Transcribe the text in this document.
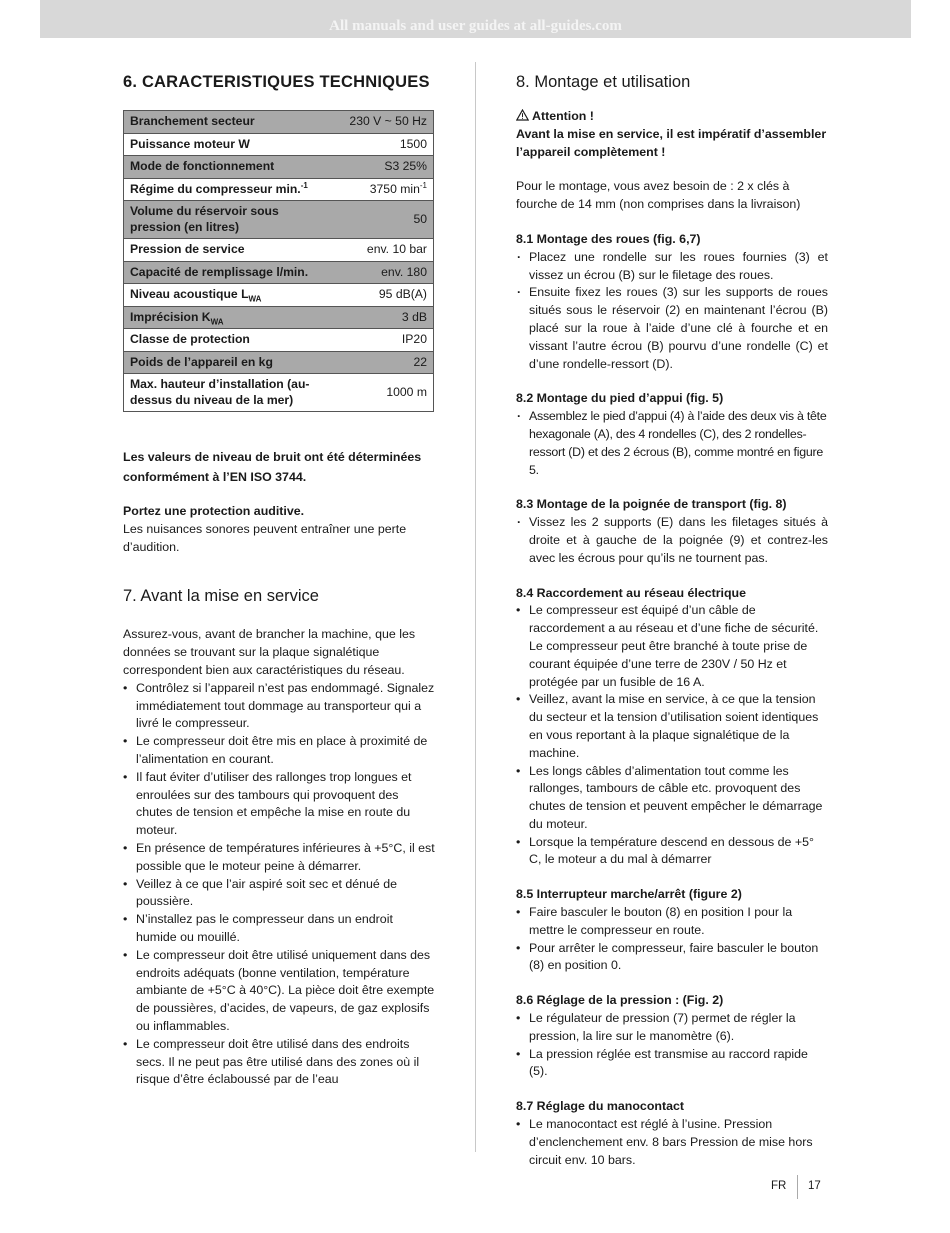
All manuals and user guides at all-guides.com
6. CARACTERISTIQUES TECHNIQUES
Branchement secteur	230 V ~ 50 Hz
Puissance moteur W	1500
Mode de fonctionnement	S3 25%
Régime du compresseur min.$^{-1}$	3750 $\min^{-1}$
Volume du réservoir sous pression (en litres)	50
Pression de service	env. 10 bar
Capacité de remplissage l/min.	env. 180
Niveau acoustique $L_{WA}$	95 dB(A)
Imprécision $K_{WA}$	3 dB
Classe de protection	IP20
Poids de l’appareil en kg	22
Max. hauteur d’installation (au-dessus du niveau de la mer)	1000 m

Les valeurs de niveau de bruit ont été déterminées conformément à l’EN ISO 3744.

Portez une protection auditive.

Les nuisances sonores peuvent entraîner une perte d’audition.

7. Avant la mise en service

Assurez-vous, avant de brancher la machine, que les données se trouvant sur la plaque signalétique correspondent bien aux caractéristiques du réseau.

• Contrôlez si l’appareil n’est pas endommagé. Signalez immédiatement tout dommage au transporteur qui a livré le compresseur.
• Le compresseur doit être mis en place à proximité de l’alimentation en courant.
• Il faut éviter d’utiliser des rallonges trop longues et enroulées sur des tambours qui provoquent des chutes de tension et empêche la mise en route du moteur.
• En présence de températures inférieures à +5°C, il est possible que le moteur peine à démarrer.
• Veillez à ce que l’air aspiré soit sec et dénué de poussière.
• N’installez pas le compresseur dans un endroit humide ou mouillé.
• Le compresseur doit être utilisé uniquement dans des endroits adéquats (bonne ventilation, température ambiante de +5°C à 40°C). La pièce doit être exempte de poussières, d’acides, de vapeurs, de gaz explosifs ou inflammables.
• Le compresseur doit être utilisé dans des endroits secs. Il ne peut pas être utilisé dans des zones où il risque d’être éclaboussé par de l’eau
8. Montage et utilisation

Attention !

Avant la mise en service, il est impératif d’assembler l’appareil complètement !

Pour le montage, vous avez besoin de : 2 x clés à fourche de 14 mm (non comprises dans la livraison)

8.1 Montage des roues (fig. 6,7)

· Placez une rondelle sur les roues fournies (3) et vissez un écrou (B) sur le filetage des roues.
· Ensuite fixez les roues (3) sur les supports de roues situés sous le réservoir (2) en maintenant l’écrou (B) placé sur la roue à l’aide d’une clé à fourche et en vissant l’autre écrou (B) pourvu d’une rondelle (C) et d’une rondelle-ressort (D).

8.2 Montage du pied d’appui (fig. 5)

· Assemblez le pied d’appui (4) à l’aide des deux vis à tête hexagonale (A), des 4 rondelles (C), des 2 rondelles-ressort (D) et des 2 écrous (B), comme montré en figure 5.

8.3 Montage de la poignée de transport (fig. 8)

· Vissez les 2 supports (E) dans les filetages situés à droite et à gauche de la poignée (9) et contrez-les avec les écrous pour qu’ils ne tournent pas.

8.4 Raccordement au réseau électrique

• Le compresseur est équipé d’un câble de raccordement a au réseau et d’une fiche de sécurité. Le compresseur peut être branché à toute prise de courant équipée d’une terre de 230V / 50 Hz et protégée par un fusible de 16 A.
• Veillez, avant la mise en service, à ce que la tension du secteur et la tension d’utilisation soient identiques en vous reportant à la plaque signalétique de la machine.
• Les longs câbles d’alimentation tout comme les rallonges, tambours de câble etc. provoquent des chutes de tension et peuvent empêcher le démarrage du moteur.
• Lorsque la température descend en dessous de +5° C, le moteur a du mal à démarrer

8.5 Interrupteur marche/arrêt (figure 2)

• Faire basculer le bouton (8) en position I pour la mettre le compresseur en route.
• Pour arrêter le compresseur, faire basculer le bouton (8) en position 0.

8.6 Réglage de la pression : (Fig. 2)

• Le régulateur de pression (7) permet de régler la pression, la lire sur le manomètre (6).
• La pression réglée est transmise au raccord rapide (5).

8.7 Réglage du manocontact

• Le manocontact est réglé à l’usine. Pression d’enclenchement env. 8 bars Pression de mise hors circuit env. 10 bars.
FR 17
